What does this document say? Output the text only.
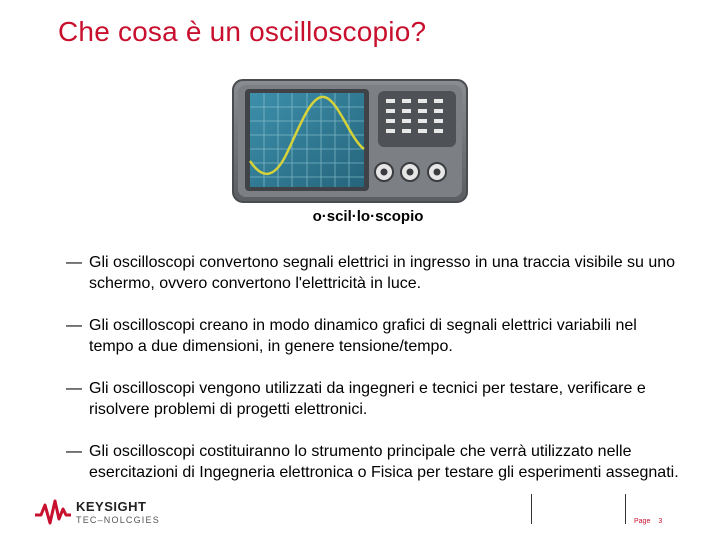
Che cosa è un oscilloscopio?
o·scil·lo·scopio
— Gli oscilloscopi convertono segnali elettrici in ingresso in una traccia visibile su uno schermo, ovvero convertono l'elettricità in luce.
— Gli oscilloscopi creano in modo dinamico grafici di segnali elettrici variabili nel tempo a due dimensioni, in genere tensione/tempo.
— Gli oscilloscopi vengono utilizzati da ingegneri e tecnici per testare, verificare e risolvere problemi di progetti elettronici.
— Gli oscilloscopi costituiranno lo strumento principale che verrà utilizzato nelle esercitazioni di Ingegneria elettronica o Fisica per testare gli esperimenti assegnati.
KEYSIGHT
TEC–NOLCGIES	Page 3
